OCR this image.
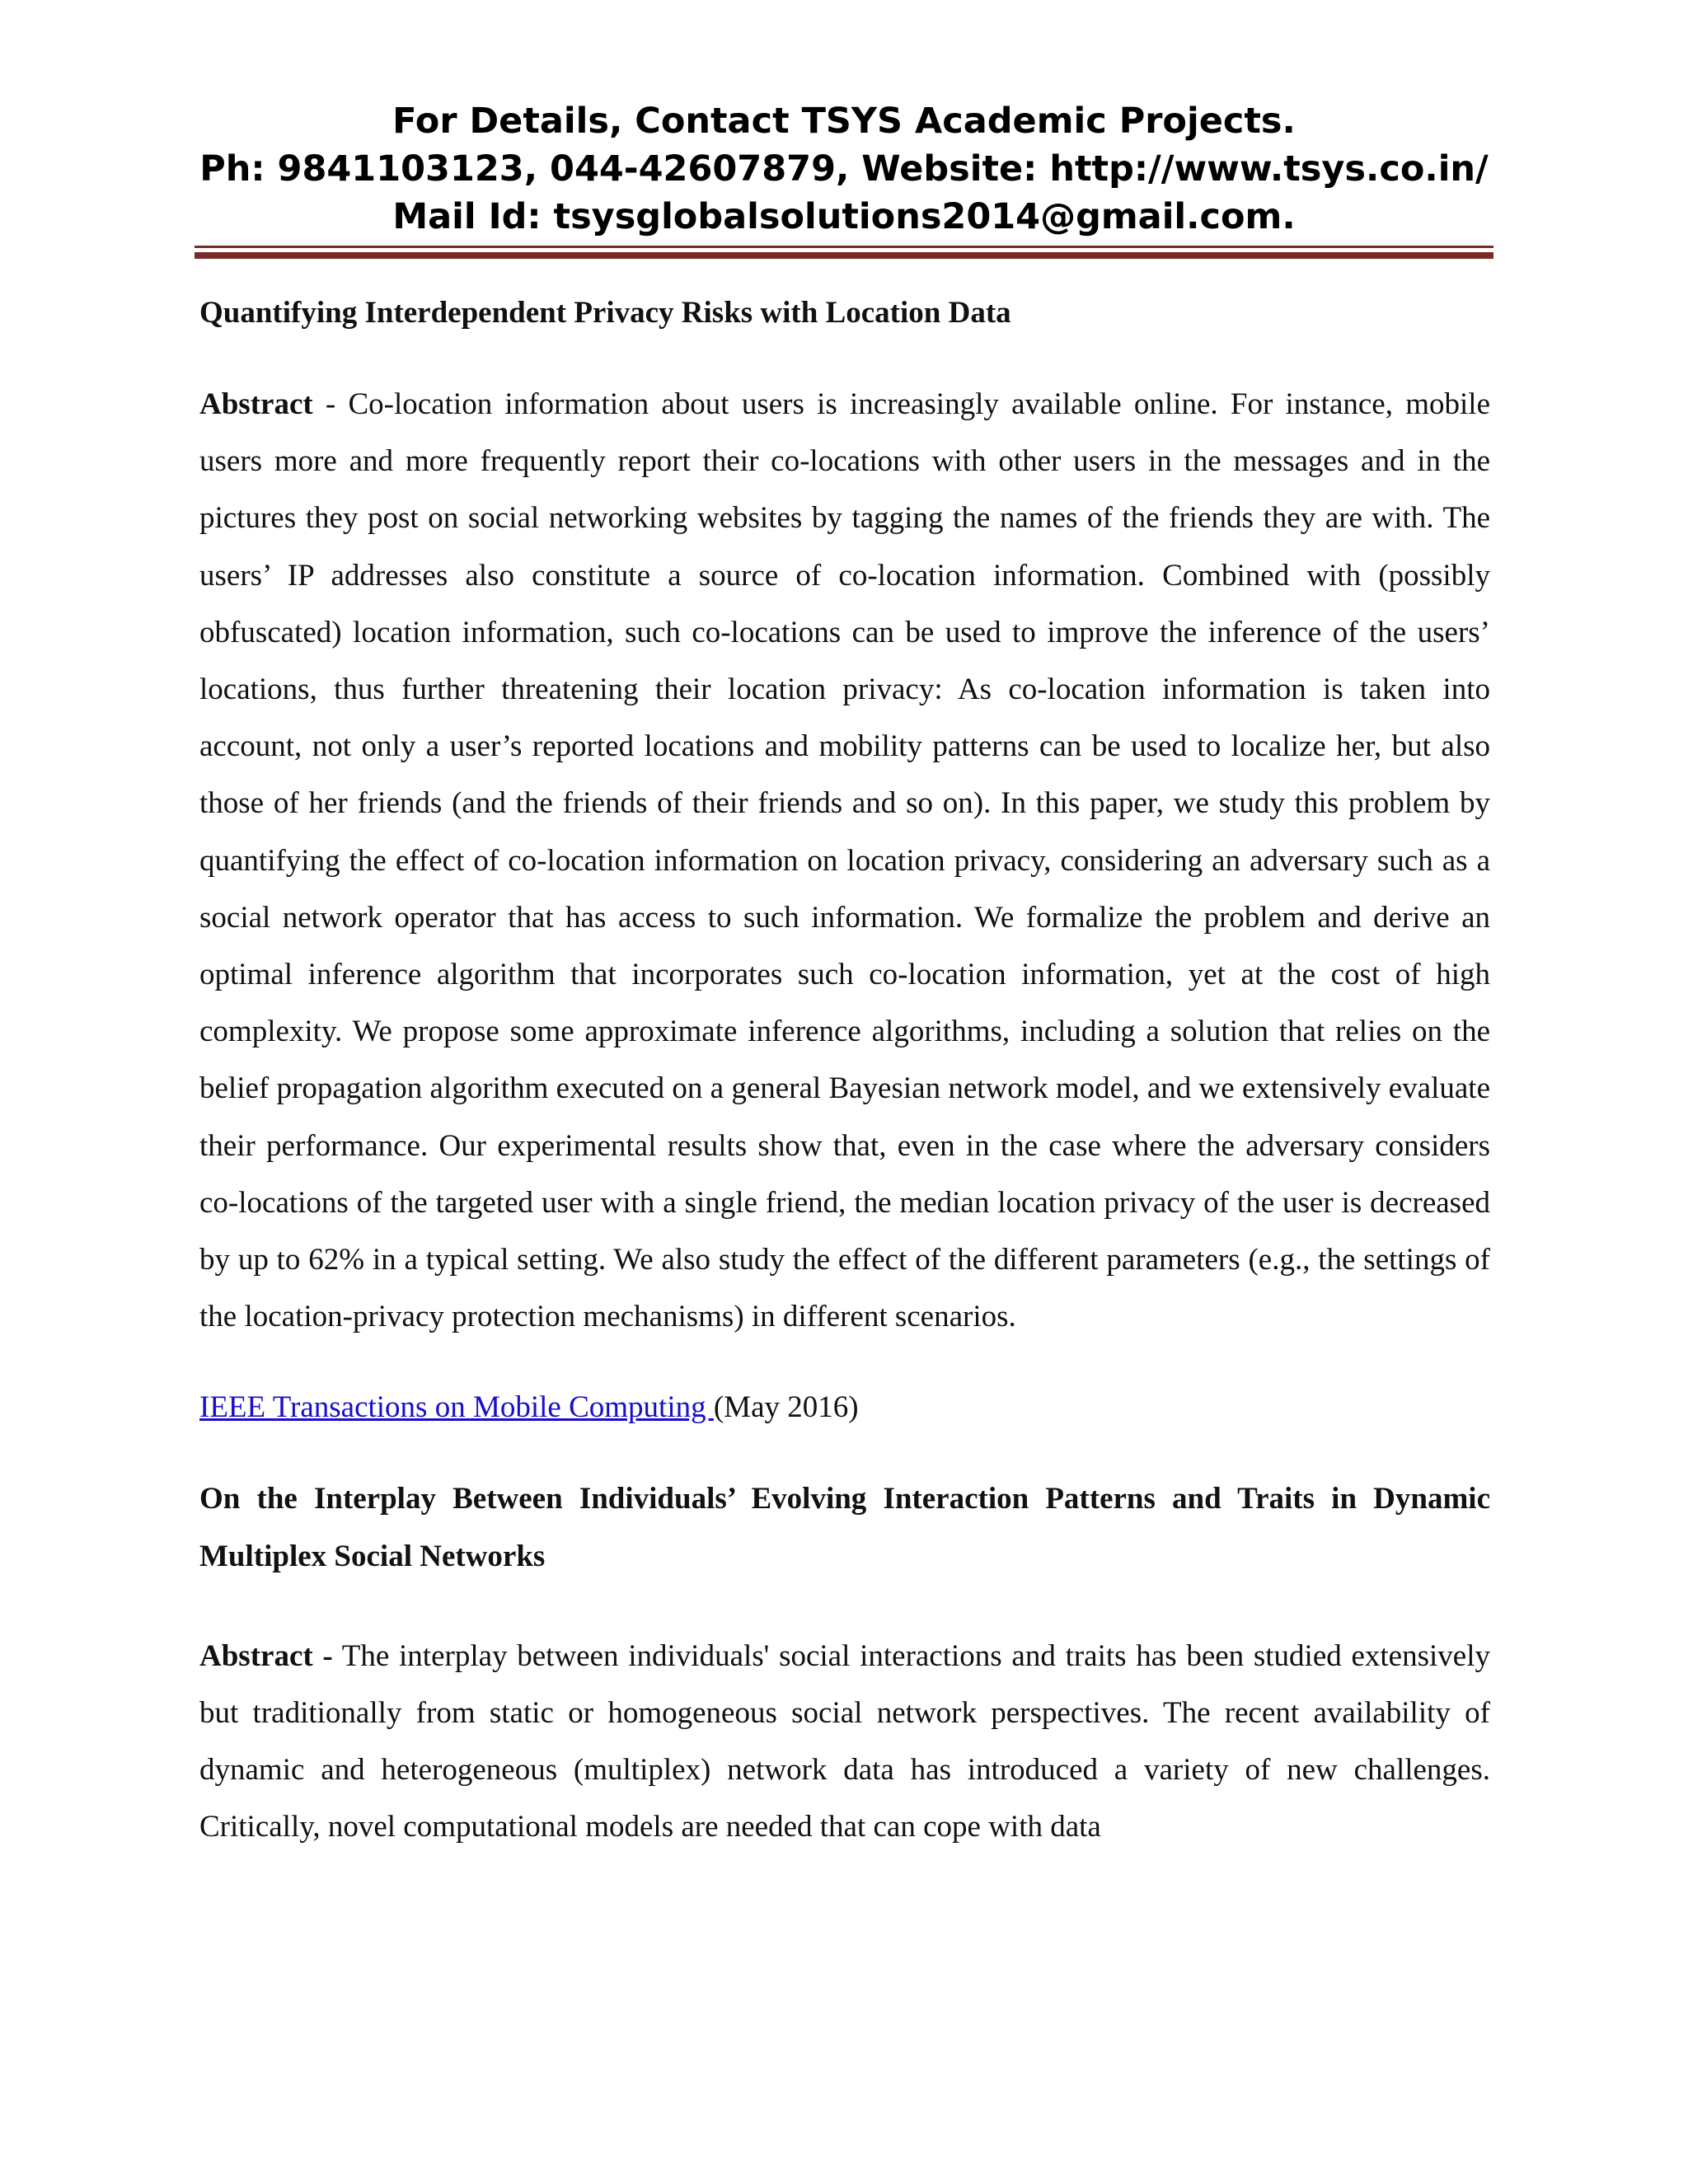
For Details, Contact TSYS Academic Projects.
Ph: 9841103123, 044-42607879, Website: http://www.tsys.co.in/
Mail Id: tsysglobalsolutions2014@gmail.com.

Quantifying Interdependent Privacy Risks with Location Data

Abstract - Co-location information about users is increasingly available online. For instance, mobile users more and more frequently report their co-locations with other users in the messages and in the pictures they post on social networking websites by tagging the names of the friends they are with. The users’ IP addresses also constitute a source of co-location information. Combined with (possibly obfuscated) location information, such co-locations can be used to improve the inference of the users’ locations, thus further threatening their location privacy: As co-location information is taken into account, not only a user’s reported locations and mobility patterns can be used to localize her, but also those of her friends (and the friends of their friends and so on). In this paper, we study this problem by quantifying the effect of co-location information on location privacy, considering an adversary such as a social network operator that has access to such information. We formalize the problem and derive an optimal inference algorithm that incorporates such co-location information, yet at the cost of high complexity. We propose some approximate inference algorithms, including a solution that relies on the belief propagation algorithm executed on a general Bayesian network model, and we extensively evaluate their performance. Our experimental results show that, even in the case where the adversary considers co-locations of the targeted user with a single friend, the median location privacy of the user is decreased by up to 62% in a typical setting. We also study the effect of the different parameters (e.g., the settings of the location-privacy protection mechanisms) in different scenarios.

IEEE Transactions on Mobile Computing (May 2016)

On the Interplay Between Individuals’ Evolving Interaction Patterns and Traits in Dynamic Multiplex Social Networks

Abstract - The interplay between individuals' social interactions and traits has been studied extensively but traditionally from static or homogeneous social network perspectives. The recent availability of dynamic and heterogeneous (multiplex) network data has introduced a variety of new challenges. Critically, novel computational models are needed that can cope with data
